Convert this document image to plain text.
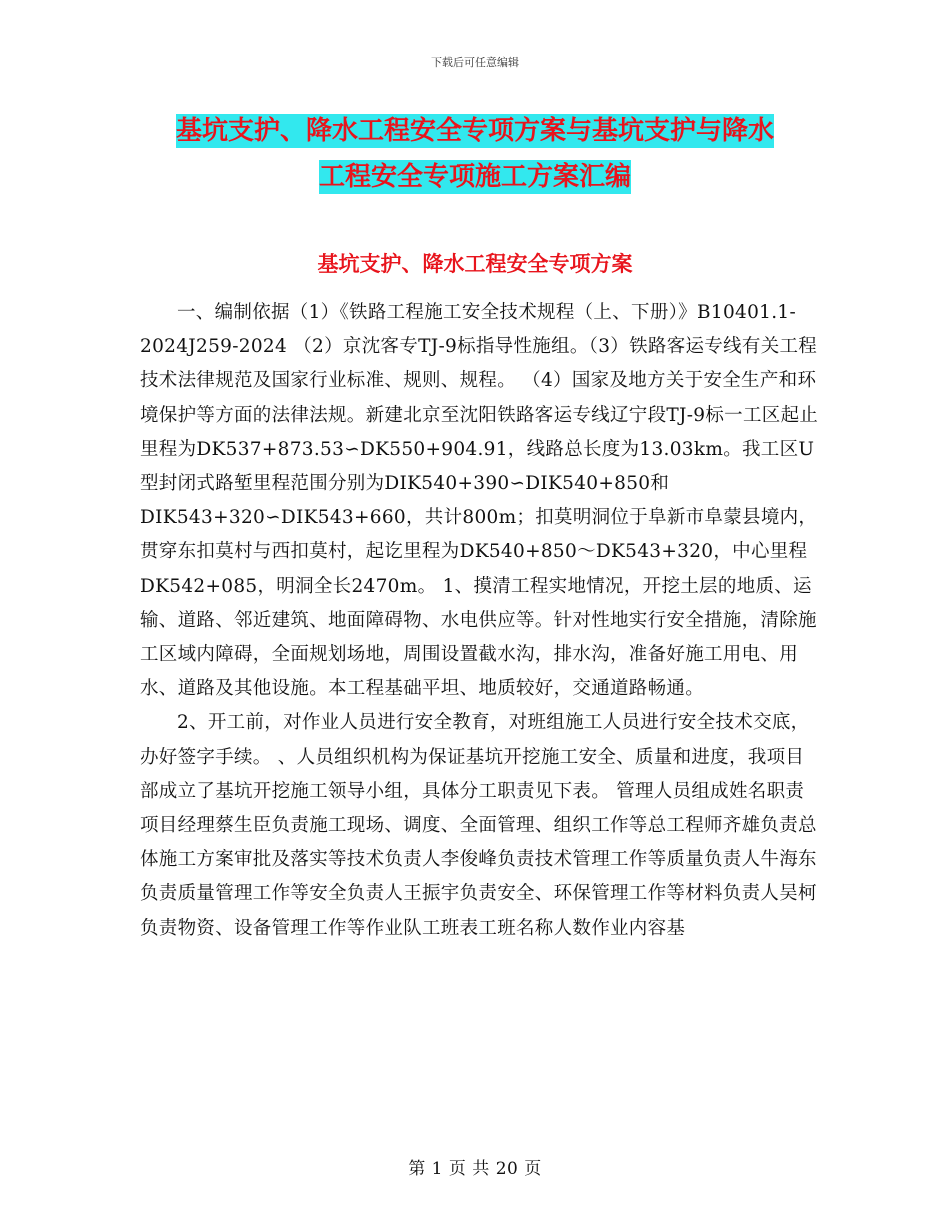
下载后可任意编辑
基坑支护、降水工程安全专项方案与基坑支护与降水
工程安全专项施工方案汇编
基坑支护、降水工程安全专项方案

一、编制依据（1）《铁路工程施工安全技术规程（上、下册）》B10401.1-2024J259-2024 （2）京沈客专TJ-9标指导性施组。（3）铁路客运专线有关工程技术法律规范及国家行业标准、规则、规程。 （4）国家及地方关于安全生产和环境保护等方面的法律法规。新建北京至沈阳铁路客运专线辽宁段TJ-9标一工区起止里程为DK537+873.53∽DK550+904.91，线路总长度为13.03km。我工区U型封闭式路堑里程范围分别为DIK540+390∽DIK540+850和DIK543+320∽DIK543+660，共计800m；扣莫明洞位于阜新市阜蒙县境内，贯穿东扣莫村与西扣莫村，起讫里程为DK540+850～DK543+320，中心里程DK542+085，明洞全长2470m。 1、摸清工程实地情况，开挖土层的地质、运输、道路、邻近建筑、地面障碍物、水电供应等。针对性地实行安全措施，清除施工区域内障碍，全面规划场地，周围设置截水沟，排水沟，准备好施工用电、用水、道路及其他设施。本工程基础平坦、地质较好，交通道路畅通。

2、开工前，对作业人员进行安全教育，对班组施工人员进行安全技术交底，办好签字手续。 、人员组织机构为保证基坑开挖施工安全、质量和进度，我项目部成立了基坑开挖施工领导小组，具体分工职责见下表。 管理人员组成姓名职责项目经理蔡生臣负责施工现场、调度、全面管理、组织工作等总工程师齐雄负责总体施工方案审批及落实等技术负责人李俊峰负责技术管理工作等质量负责人牛海东负责质量管理工作等安全负责人王振宇负责安全、环保管理工作等材料负责人吴柯负责物资、设备管理工作等作业队工班表工班名称人数作业内容基

第 1 页 共 20 页
